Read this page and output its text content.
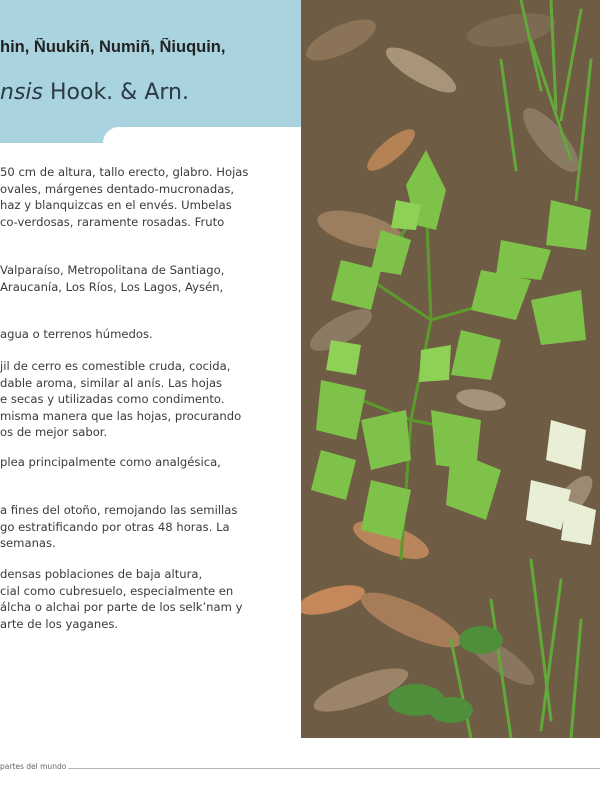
hin, Ñuukiñ, Numiñ, Ñiuquin,
nsis Hook. & Arn.
50 cm de altura, tallo erecto, glabro. Hojas
ovales, márgenes dentado-mucronadas,
haz y blanquizcas en el envés. Umbelas
co-verdosas, raramente rosadas. Fruto
Valparaíso, Metropolitana de Santiago,
Araucanía, Los Ríos, Los Lagos, Aysén,
agua o terrenos húmedos.
jil de cerro es comestible cruda, cocida,
dable aroma, similar al anís. Las hojas
e secas y utilizadas como condimento.
misma manera que las hojas, procurando
os de mejor sabor.
plea principalmente como analgésica,
a fines del otoño, remojando las semillas
go estratificando por otras 48 horas. La
semanas.
densas poblaciones de baja altura,
cial como cubresuelo, especialmente en
álcha o alchai por parte de los selk’nam y
arte de los yaganes.
partes del mundo
